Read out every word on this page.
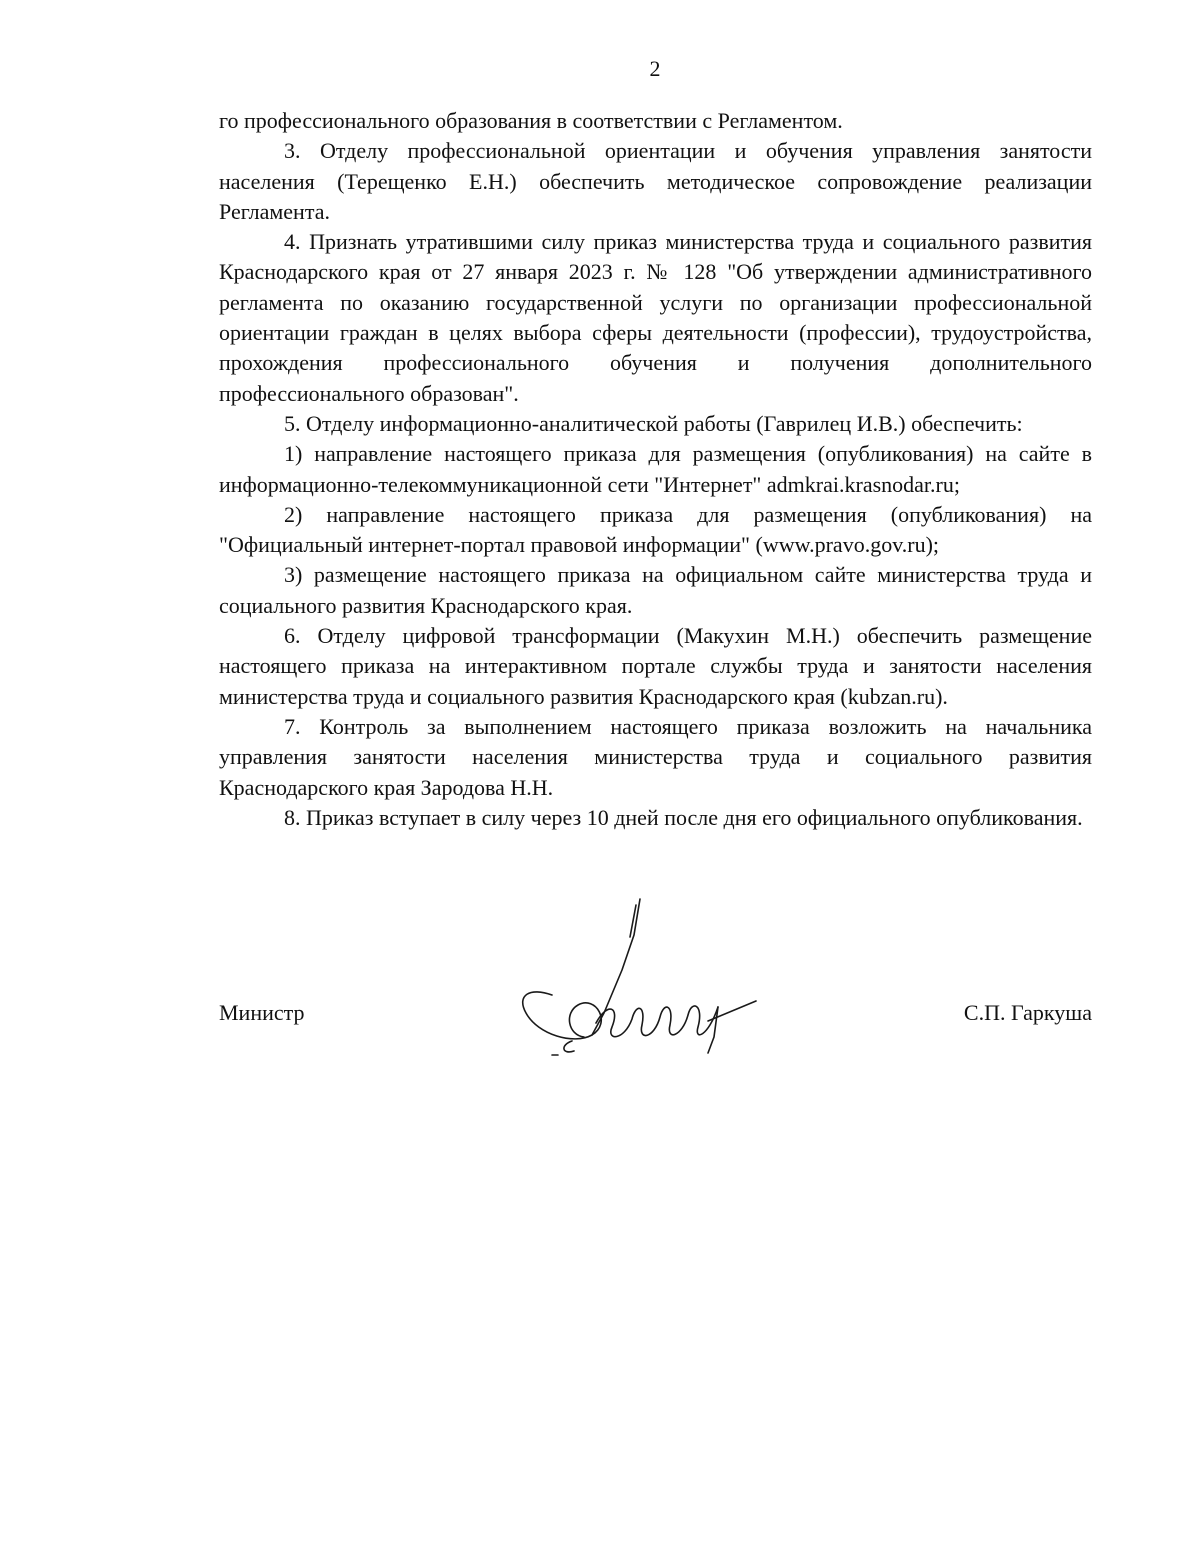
2

го профессионального образования в соответствии с Регламентом.

3. Отделу профессиональной ориентации и обучения управления занятости населения (Терещенко Е.Н.) обеспечить методическое сопровождение реализации Регламента.

4. Признать утратившими силу приказ министерства труда и социального развития Краснодарского края от 27 января 2023 г. № 128 "Об утверждении административного регламента по оказанию государственной услуги по организации профессиональной ориентации граждан в целях выбора сферы деятельности (профессии), трудоустройства, прохождения профессионального обучения и получения дополнительного профессионального образован".

5. Отделу информационно-аналитической работы (Гаврилец И.В.) обеспечить:

1) направление настоящего приказа для размещения (опубликования) на сайте в информационно-телекоммуникационной сети "Интернет" admkrai.krasnodar.ru;

2) направление настоящего приказа для размещения (опубликования) на "Официальный интернет-портал правовой информации" (www.pravo.gov.ru);

3) размещение настоящего приказа на официальном сайте министерства труда и социального развития Краснодарского края.

6. Отделу цифровой трансформации (Макухин М.Н.) обеспечить размещение настоящего приказа на интерактивном портале службы труда и занятости населения министерства труда и социального развития Краснодарского края (kubzan.ru).

7. Контроль за выполнением настоящего приказа возложить на начальника управления занятости населения министерства труда и социального развития Краснодарского края Зародова Н.Н.

8. Приказ вступает в силу через 10 дней после дня его официального опубликования.

Министр	С.П. Гаркуша
